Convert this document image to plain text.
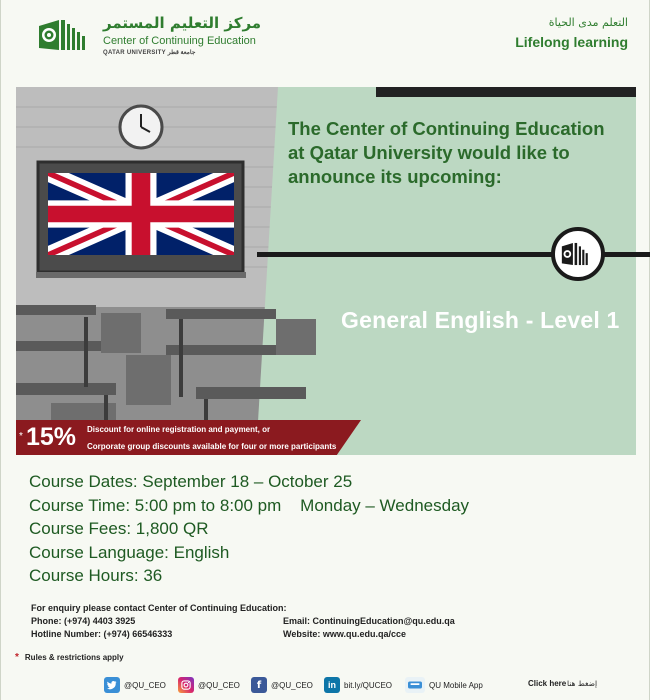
مركز التعليم المستمر
Center of Continuing Education
QATAR UNIVERSITY جامعة قطر
التعلم مدى الحياة
Lifelong learning
The Center of Continuing Education
at Qatar University would like to
announce its upcoming:
General English - Level 1
* 15% Discount for online registration and payment, or
Corporate group discounts available for four or more participants
Course Dates: September 18 – October 25
Course Time: 5:00 pm to 8:00 pm    Monday – Wednesday
Course Fees: 1,800 QR
Course Language: English
Course Hours: 36
For enquiry please contact Center of Continuing Education:
Phone: (+974) 4403 3925
Hotline Number: (+974) 66546333
Email: ContinuingEducation@qu.edu.qa
Website: www.qu.edu.qa/cce
* Rules & restrictions apply
@QU_CEO	@QU_CEO	f	@QU_CEO	in	bit.ly/QUCEO	QU Mobile App	Click here إضغط هنا
